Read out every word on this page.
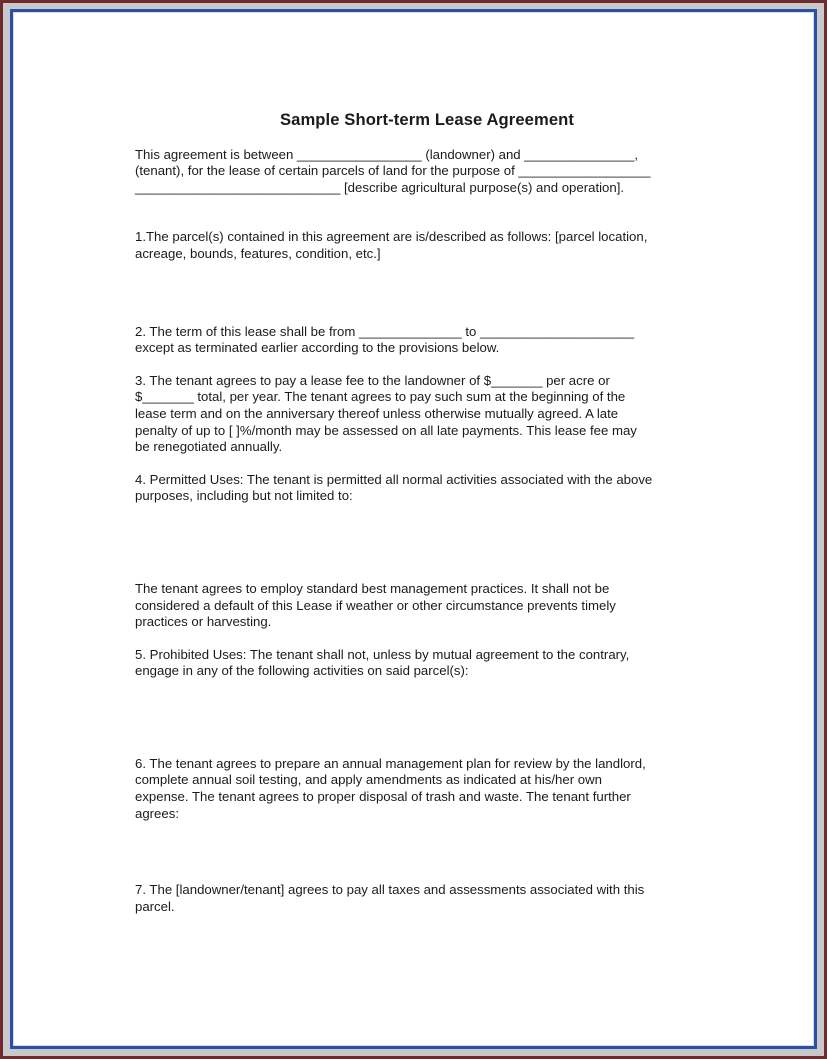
Sample Short-term Lease Agreement

This agreement is between _________________ (landowner) and _______________,
(tenant), for the lease of certain parcels of land for the purpose of __________________
____________________________ [describe agricultural purpose(s) and operation].

1.The parcel(s) contained in this agreement are is/described as follows: [parcel location,
acreage, bounds, features, condition, etc.]

2. The term of this lease shall be from ______________ to _____________________
except as terminated earlier according to the provisions below.

3. The tenant agrees to pay a lease fee to the landowner of $_______ per acre or
$_______ total, per year. The tenant agrees to pay such sum at the beginning of the
lease term and on the anniversary thereof unless otherwise mutually agreed. A late
penalty of up to [ ]%/month may be assessed on all late payments. This lease fee may
be renegotiated annually.

4. Permitted Uses: The tenant is permitted all normal activities associated with the above
purposes, including but not limited to:

The tenant agrees to employ standard best management practices. It shall not be
considered a default of this Lease if weather or other circumstance prevents timely
practices or harvesting.

5. Prohibited Uses: The tenant shall not, unless by mutual agreement to the contrary,
engage in any of the following activities on said parcel(s):

6. The tenant agrees to prepare an annual management plan for review by the landlord,
complete annual soil testing, and apply amendments as indicated at his/her own
expense. The tenant agrees to proper disposal of trash and waste. The tenant further
agrees:

7. The [landowner/tenant] agrees to pay all taxes and assessments associated with this
parcel.
